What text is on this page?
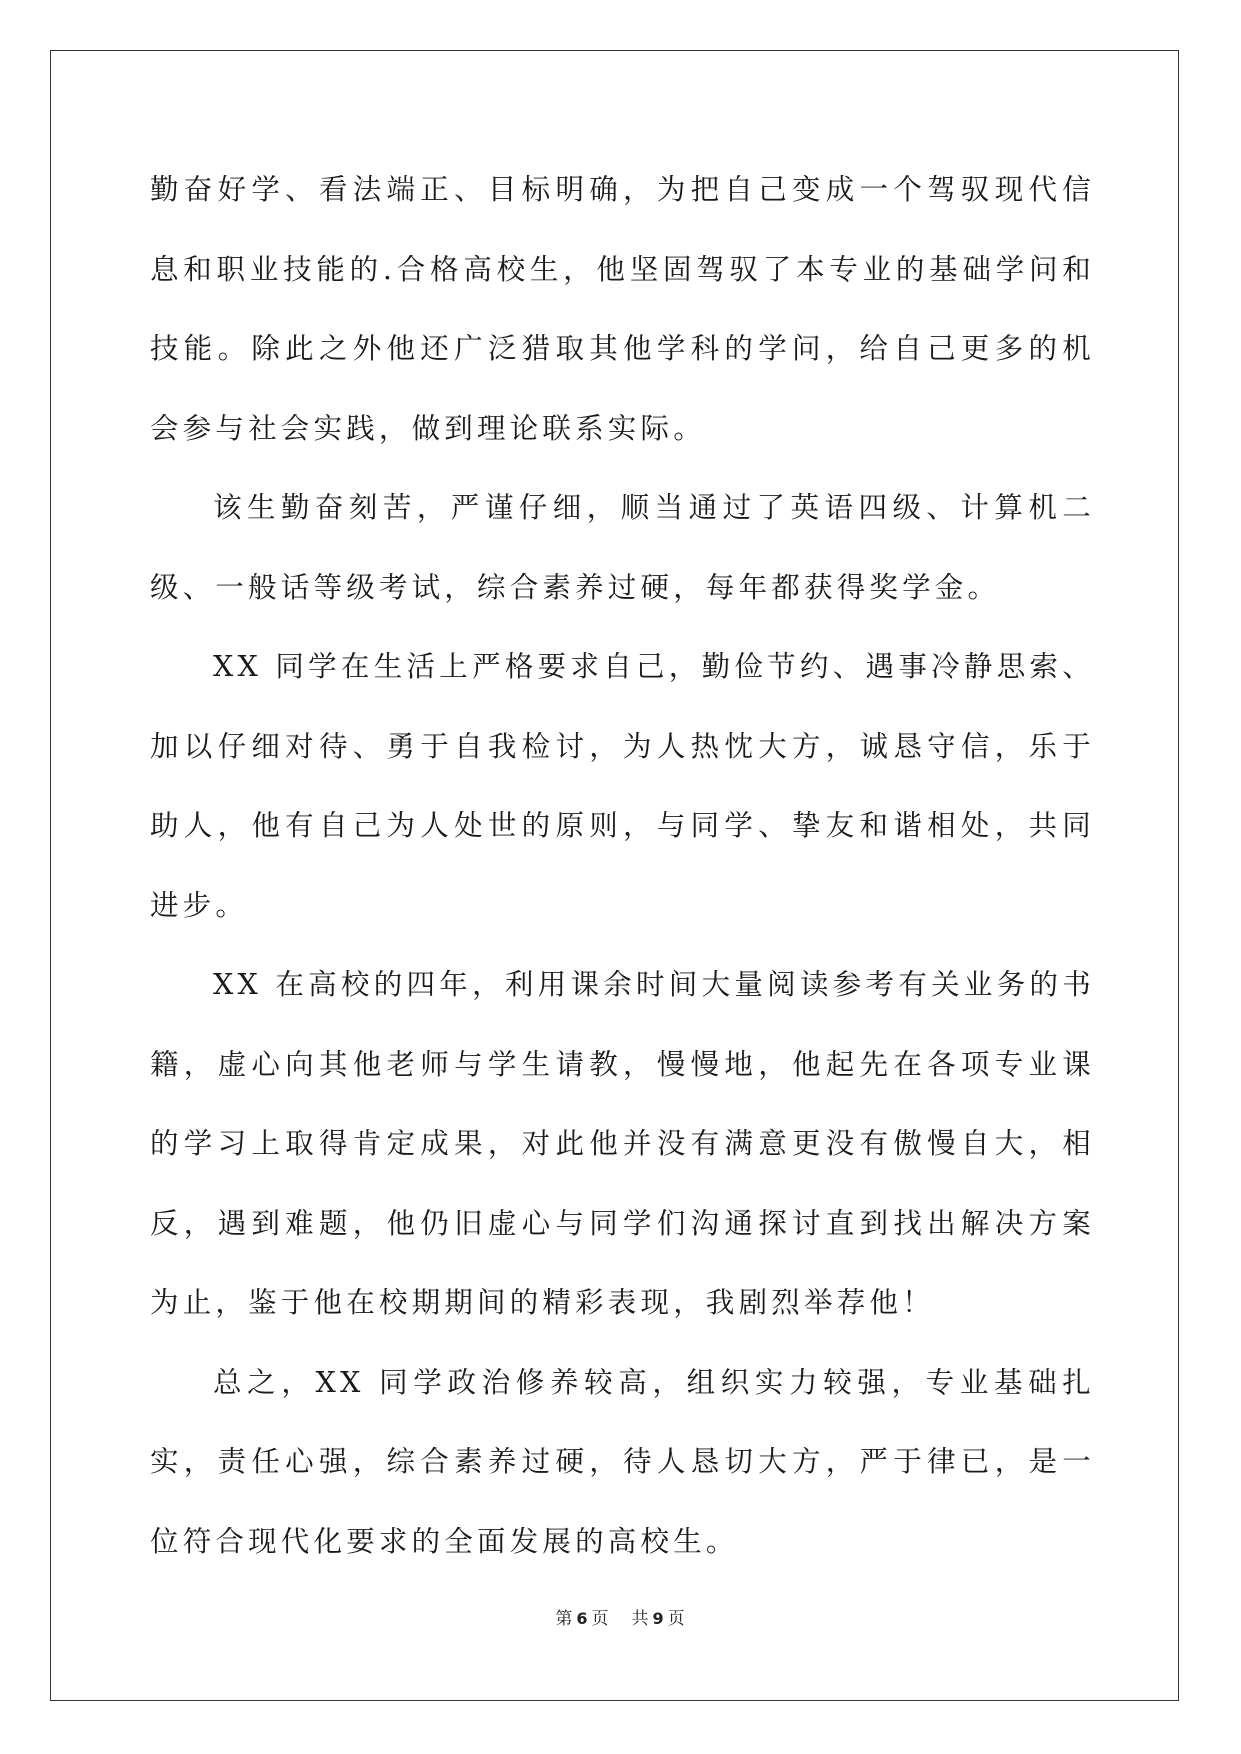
勤奋好学、看法端正、目标明确，为把自己变成一个驾驭现代信息和职业技能的.合格高校生，他坚固驾驭了本专业的基础学问和技能。除此之外他还广泛猎取其他学科的学问，给自己更多的机会参与社会实践，做到理论联系实际。

该生勤奋刻苦，严谨仔细，顺当通过了英语四级、计算机二级、一般话等级考试，综合素养过硬，每年都获得奖学金。

XX 同学在生活上严格要求自己，勤俭节约、遇事冷静思索、加以仔细对待、勇于自我检讨，为人热忱大方，诚恳守信，乐于助人，他有自己为人处世的原则，与同学、挚友和谐相处，共同进步。

XX 在高校的四年，利用课余时间大量阅读参考有关业务的书籍，虚心向其他老师与学生请教，慢慢地，他起先在各项专业课的学习上取得肯定成果，对此他并没有满意更没有傲慢自大，相反，遇到难题，他仍旧虚心与同学们沟通探讨直到找出解决方案为止，鉴于他在校期期间的精彩表现，我剧烈举荐他！

总之，XX 同学政治修养较高，组织实力较强，专业基础扎实，责任心强，综合素养过硬，待人恳切大方，严于律已，是一位符合现代化要求的全面发展的高校生。

第 6 页 共 9 页
